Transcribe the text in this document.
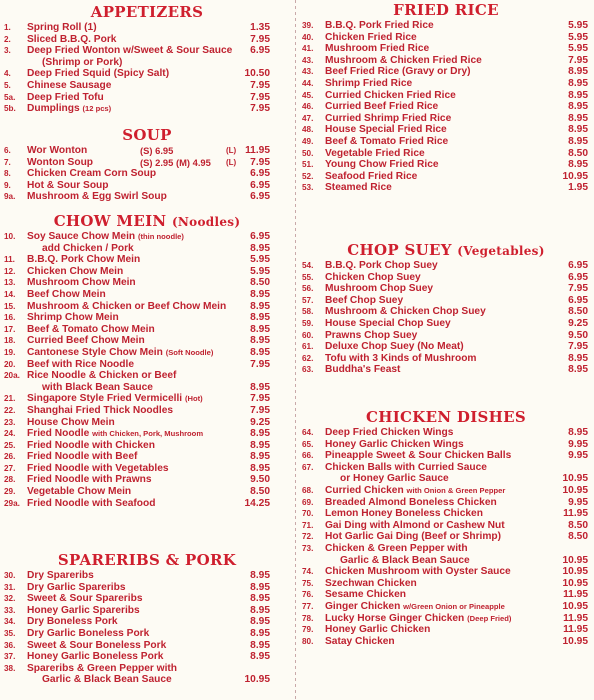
APPETIZERS
1.	Spring Roll (1)	1.35
2.	Sliced B.B.Q. Pork	7.95
3.	Deep Fried Wonton w/Sweet & Sour Sauce 6.95
(Shrimp or Pork)
4.	Deep Fried Squid (Spicy Salt)	10.50
5.	Chinese Sausage	7.95
5a.	Deep Fried Tofu	7.95
5b.	Dumplings (12 pcs)	7.95
SOUP
6.	Wor Wonton	(S) 6.95	(L) 11.95
7.	Wonton Soup	(S) 2.95 (M) 4.95 (L) 7.95
8.	Chicken Cream Corn Soup	6.95
9.	Hot & Sour Soup	6.95
9a.	Mushroom & Egg Swirl Soup	6.95
CHOW MEIN (Noodles)
10.	Soy Sauce Chow Mein (thin noodle)	6.95
add Chicken / Pork	8.95
11.	B.B.Q. Pork Chow Mein	5.95
12.	Chicken Chow Mein	5.95
13.	Mushroom Chow Mein	8.50
14.	Beef Chow Mein	8.95
15.	Mushroom & Chicken or Beef Chow Mein 8.95
16.	Shrimp Chow Mein	8.95
17.	Beef & Tomato Chow Mein	8.95
18.	Curried Beef Chow Mein	8.95
19.	Cantonese Style Chow Mein (Soft Noodle)	8.95
20.	Beef with Rice Noodle	7.95
20a. Rice Noodle & Chicken or Beef
with Black Bean Sauce	8.95
21.	Singapore Style Fried Vermicelli (Hot)	7.95
22.	Shanghai Fried Thick Noodles	7.95
23.	House Chow Mein	9.25
24.	Fried Noodle with Chicken, Pork, Mushroom	8.95
25.	Fried Noodle with Chicken	8.95
26.	Fried Noodle with Beef	8.95
27.	Fried Noodle with Vegetables	8.95
28.	Fried Noodle with Prawns	9.50
29.	Vegetable Chow Mein	8.50
29a. Fried Noodle with Seafood	14.25
SPARERIBS & PORK
30.	Dry Spareribs	8.95
31.	Dry Garlic Spareribs	8.95
32.	Sweet & Sour Spareribs	8.95
33.	Honey Garlic Spareribs	8.95
34.	Dry Boneless Pork	8.95
35.	Dry Garlic Boneless Pork	8.95
36.	Sweet & Sour Boneless Pork	8.95
37.	Honey Garlic Boneless Pork	8.95
38.	Spareribs & Green Pepper with
Garlic & Black Bean Sauce	10.95
FRIED RICE
39.	B.B.Q. Pork Fried Rice	5.95
40.	Chicken Fried Rice	5.95
41.	Mushroom Fried Rice	5.95
43.	Mushroom & Chicken Fried Rice	7.95
43.	Beef Fried Rice (Gravy or Dry)	8.95
44.	Shrimp Fried Rice	8.95
45.	Curried Chicken Fried Rice	8.95
46.	Curried Beef Fried Rice	8.95
47.	Curried Shrimp Fried Rice	8.95
48.	House Special Fried Rice	8.95
49.	Beef & Tomato Fried Rice	8.95
50.	Vegetable Fried Rice	8.50
51.	Young Chow Fried Rice	8.95
52.	Seafood Fried Rice	10.95
53.	Steamed Rice	1.95
CHOP SUEY (Vegetables)
54.	B.B.Q. Pork Chop Suey	6.95
55.	Chicken Chop Suey	6.95
56.	Mushroom Chop Suey	7.95
57.	Beef Chop Suey	6.95
58.	Mushroom & Chicken Chop Suey	8.50
59.	House Special Chop Suey	9.25
60.	Prawns Chop Suey	9.50
61.	Deluxe Chop Suey (No Meat)	7.95
62.	Tofu with 3 Kinds of Mushroom	8.95
63.	Buddha's Feast	8.95
CHICKEN DISHES
64.	Deep Fried Chicken Wings	8.95
65.	Honey Garlic Chicken Wings	9.95
66.	Pineapple Sweet & Sour Chicken Balls	9.95
67.	Chicken Balls with Curried Sauce
or Honey Garlic Sauce	10.95
68.	Curried Chicken with Onion & Green Pepper	10.95
69.	Breaded Almond Boneless Chicken	9.95
70.	Lemon Honey Boneless Chicken	11.95
71.	Gai Ding with Almond or Cashew Nut	8.50
72.	Hot Garlic Gai Ding (Beef or Shrimp)	8.50
73.	Chicken & Green Pepper with
Garlic & Black Bean Sauce	10.95
74.	Chicken Mushroom with Oyster Sauce	10.95
75.	Szechwan Chicken	10.95
76.	Sesame Chicken	11.95
77.	Ginger Chicken w/Green Onion or Pineapple	10.95
78.	Lucky Horse Ginger Chicken (Deep Fried)	11.95
79.	Honey Garlic Chicken	11.95
80.	Satay Chicken	10.95
